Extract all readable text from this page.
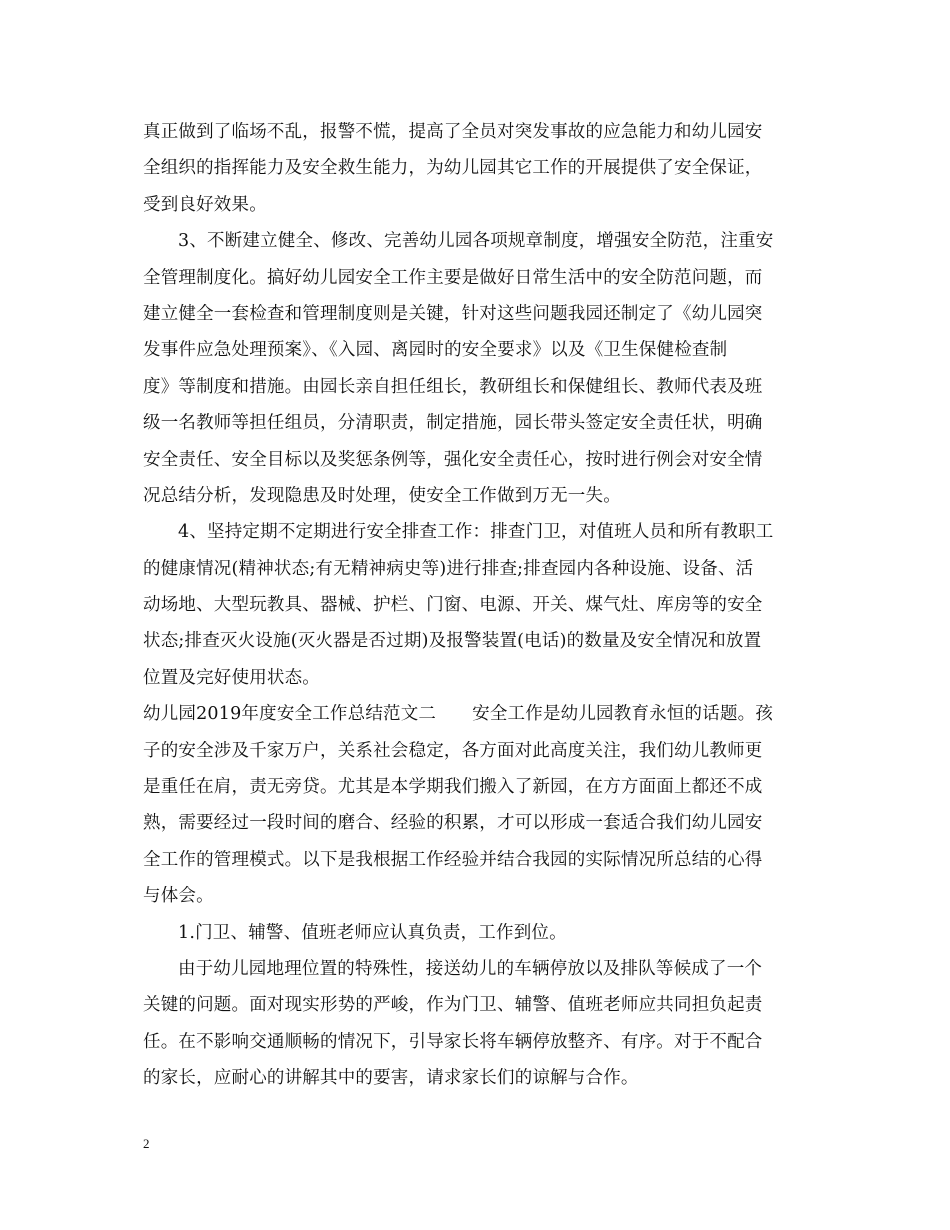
真正做到了临场不乱，报警不慌，提高了全员对突发事故的应急能力和幼儿园安
全组织的指挥能力及安全救生能力，为幼儿园其它工作的开展提供了安全保证，
受到良好效果。
3、不断建立健全、修改、完善幼儿园各项规章制度，增强安全防范，注重安
全管理制度化。搞好幼儿园安全工作主要是做好日常生活中的安全防范问题，而
建立健全一套检查和管理制度则是关键，针对这些问题我园还制定了《幼儿园突
发事件应急处理预案》、《入园、离园时的安全要求》以及《卫生保健检查制
度》等制度和措施。由园长亲自担任组长，教研组长和保健组长、教师代表及班
级一名教师等担任组员，分清职责，制定措施，园长带头签定安全责任状，明确
安全责任、安全目标以及奖惩条例等，强化安全责任心，按时进行例会对安全情
况总结分析，发现隐患及时处理，使安全工作做到万无一失。
4、坚持定期不定期进行安全排查工作：排查门卫，对值班人员和所有教职工
的健康情况(精神状态;有无精神病史等)进行排查;排查园内各种设施、设备、活
动场地、大型玩教具、器械、护栏、门窗、电源、开关、煤气灶、库房等的安全
状态;排查灭火设施(灭火器是否过期)及报警装置(电话)的数量及安全情况和放置
位置及完好使用状态。
幼儿园2019年度安全工作总结范文二 安全工作是幼儿园教育永恒的话题。孩
子的安全涉及千家万户，关系社会稳定，各方面对此高度关注，我们幼儿教师更
是重任在肩，责无旁贷。尤其是本学期我们搬入了新园，在方方面面上都还不成
熟，需要经过一段时间的磨合、经验的积累，才可以形成一套适合我们幼儿园安
全工作的管理模式。以下是我根据工作经验并结合我园的实际情况所总结的心得
与体会。
1.门卫、辅警、值班老师应认真负责，工作到位。
由于幼儿园地理位置的特殊性，接送幼儿的车辆停放以及排队等候成了一个
关键的问题。面对现实形势的严峻，作为门卫、辅警、值班老师应共同担负起责
任。在不影响交通顺畅的情况下，引导家长将车辆停放整齐、有序。对于不配合
的家长，应耐心的讲解其中的要害，请求家长们的谅解与合作。
2
